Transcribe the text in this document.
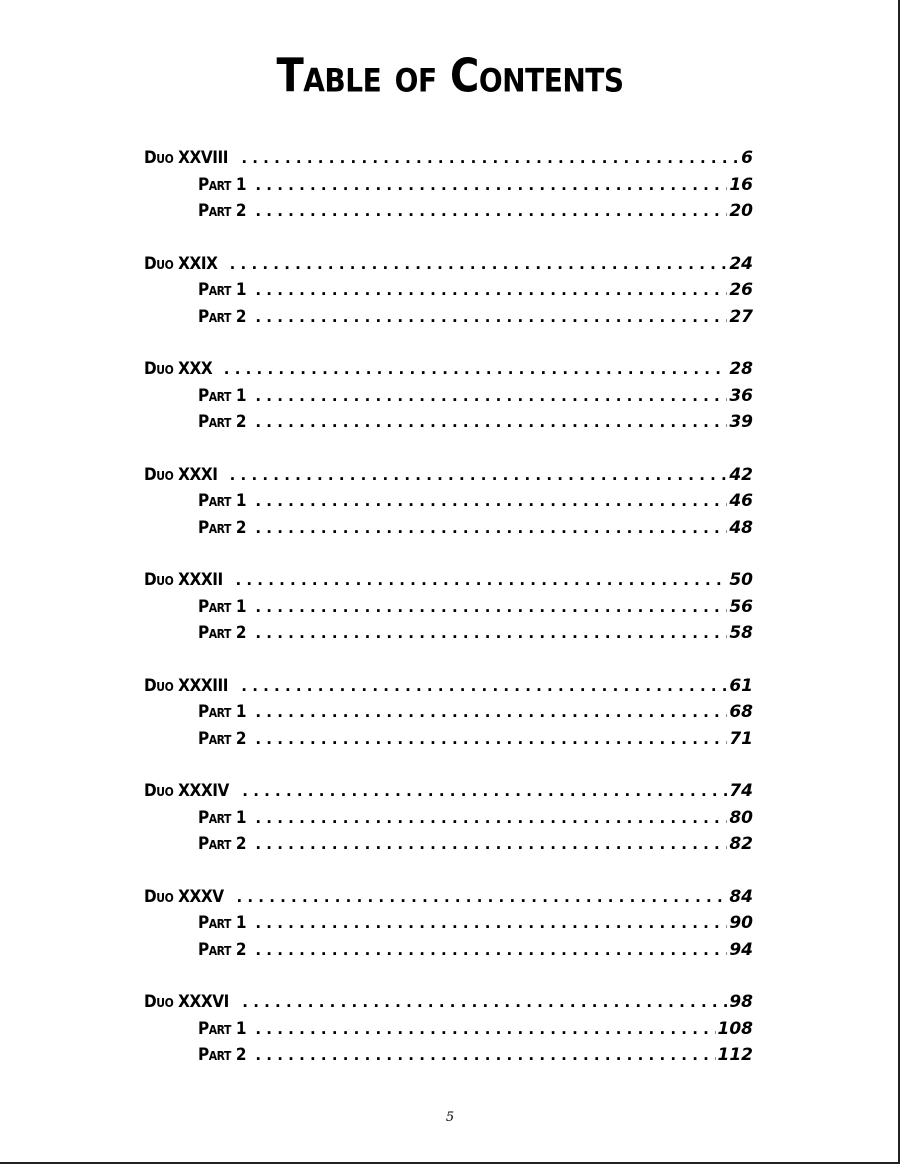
Table of Contents
Duo XXVIII . . .	6
Part 1 . . .	16
Part 2 . . .	20
Duo XXIX . . .	24
Part 1 . . .	26
Part 2 . . .	27
Duo XXX . . .	28
Part 1 . . .	36
Part 2 . . .	39
Duo XXXI . . .	42
Part 1 . . .	46
Part 2 . . .	48
Duo XXXII . . .	50
Part 1 . . .	56
Part 2 . . .	58
Duo XXXIII . . .	61
Part 1 . . .	68
Part 2 . . .	71
Duo XXXIV . . .	74
Part 1 . . .	80
Part 2 . . .	82
Duo XXXV . . .	84
Part 1 . . .	90
Part 2 . . .	94
Duo XXXVI . . .	98
Part 1 . . .	108
Part 2 . . .	112
5
